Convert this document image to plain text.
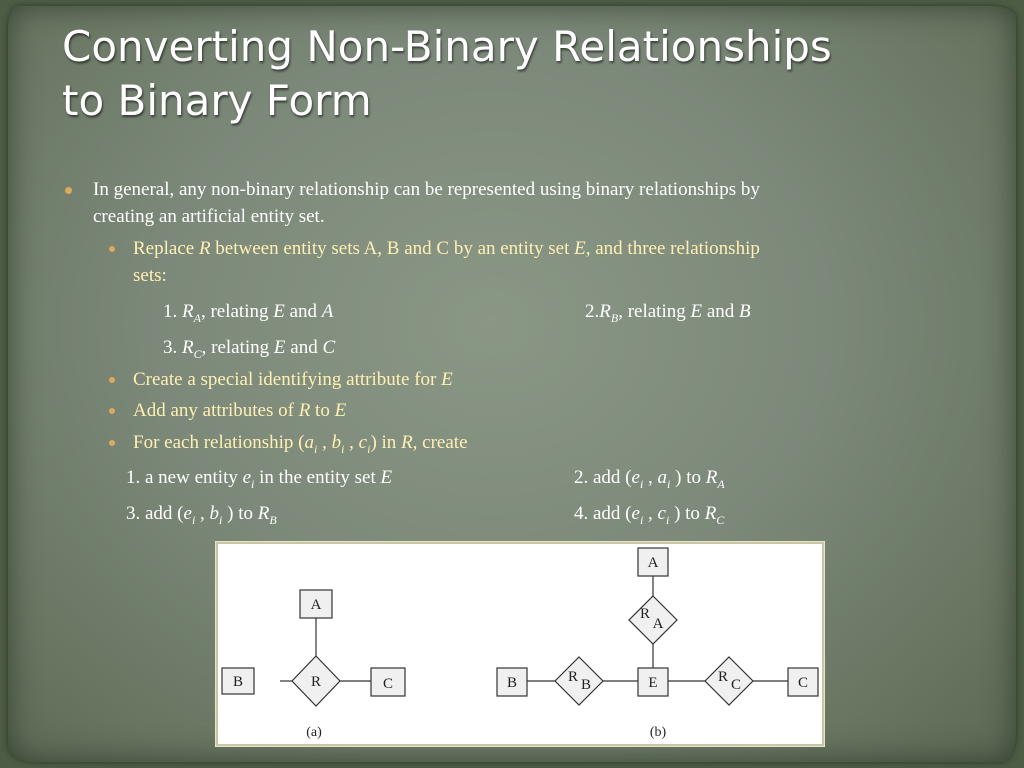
Converting Non-Binary Relationships
to Binary Form
In general, any non-binary relationship can be represented using binary relationships by
creating an artificial entity set.
Replace R between entity sets A, B and C by an entity set E, and three relationship
sets:
1. $R_A$, relating E and A	$2.R_B$, relating E and B
3. $R_C$, relating E and C
Create a special identifying attribute for E
Add any attributes of R to E
For each relationship ($a_i$ , $b_i$ , $c_i$) in R, create
1. a new entity $e_i$ in the entity set E	2. add ($e_i$ , $a_i$ ) to $R_A$
3. add ($e_i$ , $b_i$ ) to $R_B$	4. add ($e_i$ , $c_i$ ) to $R_C$
A
B	C
R
(a)
A
R
A
E
B	R B	R C	C
(b)
